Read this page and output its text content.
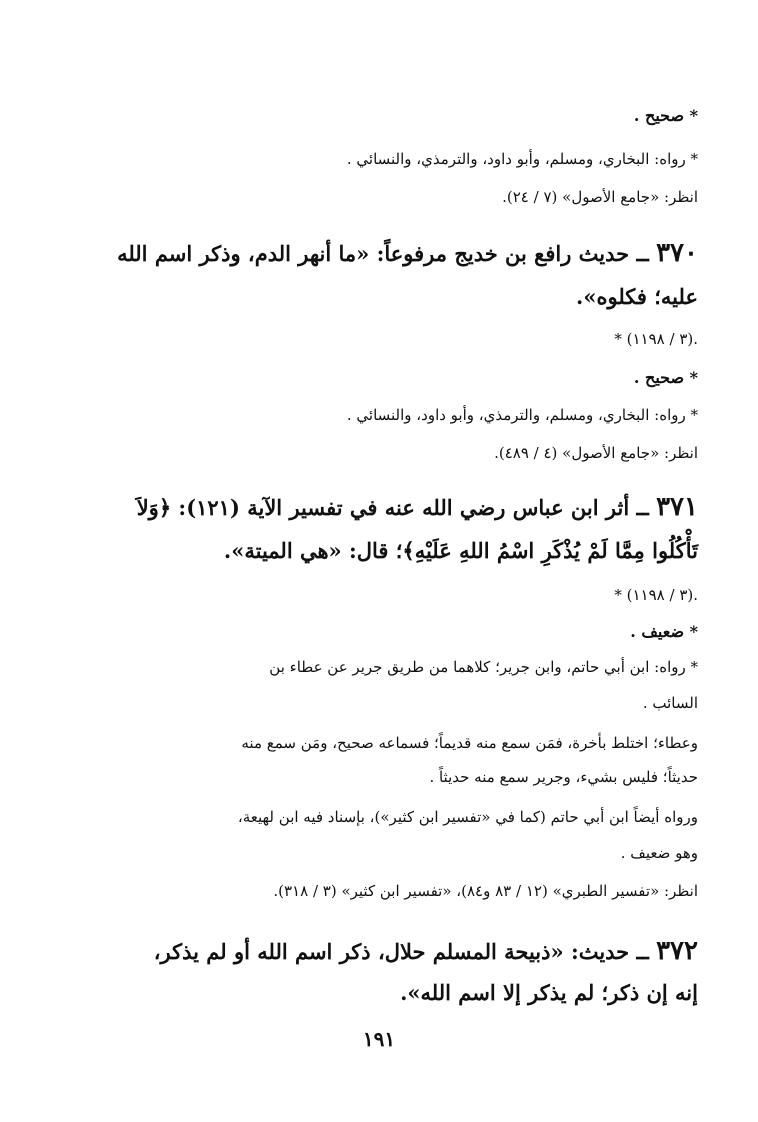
* صحيح .
* رواه: البخاري، ومسلم، وأبو داود، والترمذي، والنسائي .
انظر: «جامع الأصول» (٧ / ٢٤).
٣٧٠ ــ حديث رافع بن خديج مرفوعاً: «ما أنهر الدم، وذكر اسم الله
عليه؛ فكلوه».
* (٣ / ١١٩٨).
* صحيح .
* رواه: البخاري، ومسلم، والترمذي، وأبو داود، والنسائي .
انظر: «جامع الأصول» (٤ / ٤٨٩).
٣٧١ ــ أثر ابن عباس رضي الله عنه في تفسير الآية (١٢١): ﴿وَلاَ
تَأْكُلُوا مِمَّا لَمْ يُذْكَرِ اسْمُ اللهِ عَلَيْهِ﴾؛ قال: «هي الميتة».
* (٣ / ١١٩٨).
* ضعيف .
* رواه: ابن أبي حاتم، وابن جرير؛ كلاهما من طريق جرير عن عطاء بن
السائب .
وعطاء؛ اختلط بأخرة، فمَن سمع منه قديماً؛ فسماعه صحيح، ومَن سمع منه
حديثاً؛ فليس بشيء، وجرير سمع منه حديثاً .
ورواه أيضاً ابن أبي حاتم (كما في «تفسير ابن كثير»)، بإسناد فيه ابن لهيعة،
وهو ضعيف .
انظر: «تفسير الطبري» (١٢ / ٨٣ و٨٤)، «تفسير ابن كثير» (٣ / ٣١٨).
٣٧٢ ــ حديث: «ذبيحة المسلم حلال، ذكر اسم الله أو لم يذكر،
إنه إن ذكر؛ لم يذكر إلا اسم الله».
١٩١
